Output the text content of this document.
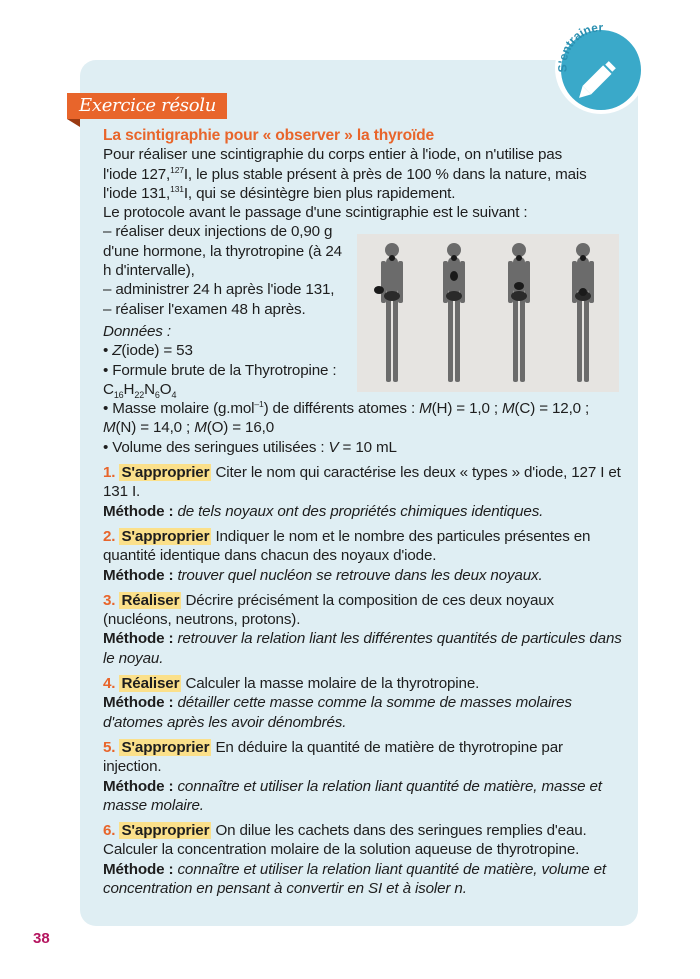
S'entrainer
Exercice résolu

La scintigraphie pour « observer » la thyroïde

Pour réaliser une scintigraphie du corps entier à l'iode, on n'utilise pas

l'iode 127,$^{127}$I, le plus stable présent à près de 100 % dans la nature, mais

l'iode 131,$^{131}$I, qui se désintègre bien plus rapidement.

Le protocole avant le passage d'une scintigraphie est le suivant :

– réaliser deux injections de 0,90 g d'une hormone, la thyrotropine (à 24 h d'intervalle),

– administrer 24 h après l'iode 131,

– réaliser l'examen 48 h après.

Données :

• Z(iode) = 53

• Formule brute de la Thyrotropine :

$C_{16}H_{22}N_6O_4$

• Masse molaire (g.mol$^{-1}$) de différents atomes : M(H) = 1,0 ; M(C) = 12,0 ;

M(N) = 14,0 ; M(O) = 16,0

• Volume des seringues utilisées : V = 10 mL

1. S'approprier Citer le nom qui caractérise les deux « types » d'iode, 127 I et 131 I.

Méthode : de tels noyaux ont des propriétés chimiques identiques.

2. S'approprier Indiquer le nom et le nombre des particules présentes en quantité identique dans chacun des noyaux d'iode.

Méthode : trouver quel nucléon se retrouve dans les deux noyaux.

3. Réaliser Décrire précisément la composition de ces deux noyaux (nucléons, neutrons, protons).

Méthode : retrouver la relation liant les différentes quantités de particules dans le noyau.

4. Réaliser Calculer la masse molaire de la thyrotropine.

Méthode : détailler cette masse comme la somme de masses molaires d'atomes après les avoir dénombrés.

5. S'approprier En déduire la quantité de matière de thyrotropine par injection.

Méthode : connaître et utiliser la relation liant quantité de matière, masse et masse molaire.

6. S'approprier On dilue les cachets dans des seringues remplies d'eau. Calculer la concentration molaire de la solution aqueuse de thyrotropine.

Méthode : connaître et utiliser la relation liant quantité de matière, volume et concentration en pensant à convertir en SI et à isoler n.

38
